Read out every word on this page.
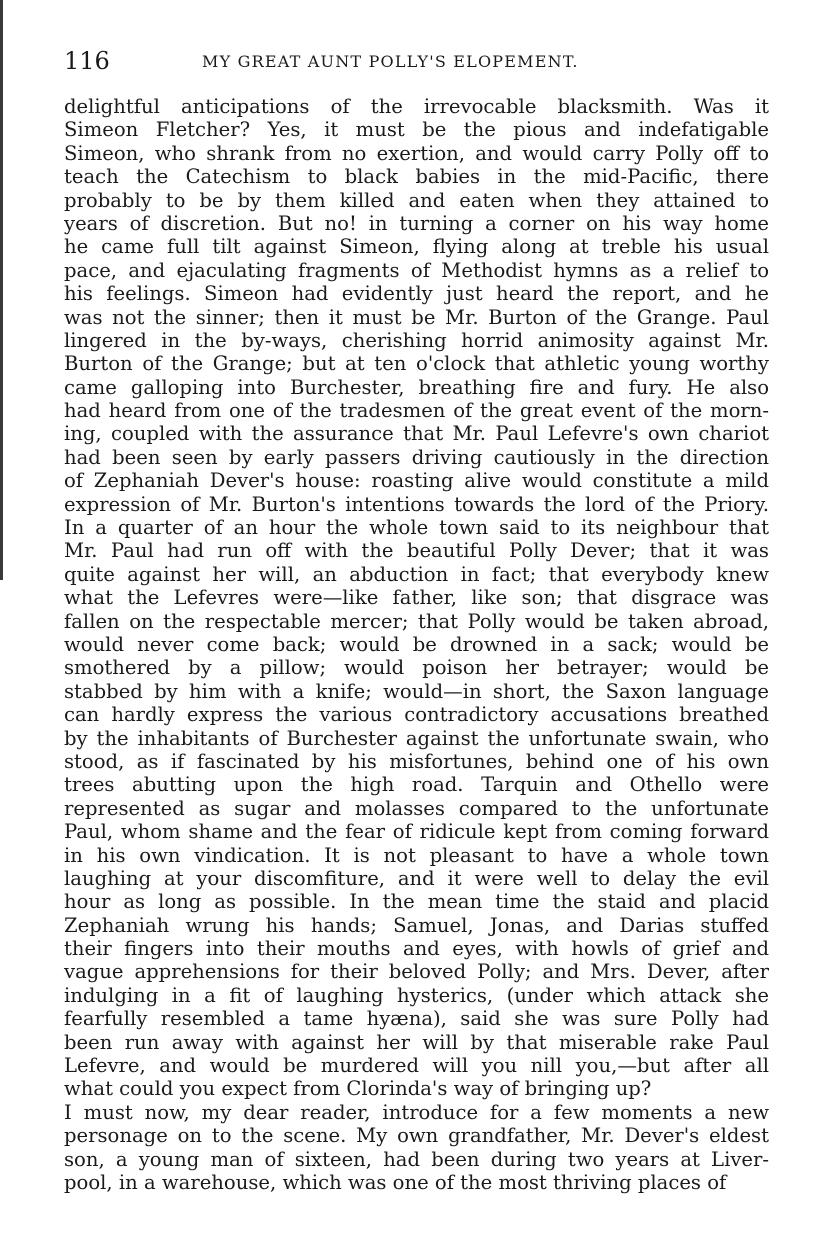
116	MY GREAT AUNT POLLY'S ELOPEMENT.
delightful anticipations of the irrevocable blacksmith. Was it
Simeon Fletcher? Yes, it must be the pious and indefatigable
Simeon, who shrank from no exertion, and would carry Polly off to
teach the Catechism to black babies in the mid-Pacific, there
probably to be by them killed and eaten when they attained to
years of discretion. But no! in turning a corner on his way home
he came full tilt against Simeon, flying along at treble his usual
pace, and ejaculating fragments of Methodist hymns as a relief to
his feelings. Simeon had evidently just heard the report, and he
was not the sinner; then it must be Mr. Burton of the Grange. Paul
lingered in the by-ways, cherishing horrid animosity against Mr.
Burton of the Grange; but at ten o'clock that athletic young worthy
came galloping into Burchester, breathing fire and fury. He also
had heard from one of the tradesmen of the great event of the morn-
ing, coupled with the assurance that Mr. Paul Lefevre's own chariot
had been seen by early passers driving cautiously in the direction
of Zephaniah Dever's house: roasting alive would constitute a mild
expression of Mr. Burton's intentions towards the lord of the Priory.
In a quarter of an hour the whole town said to its neighbour that
Mr. Paul had run off with the beautiful Polly Dever; that it was
quite against her will, an abduction in fact; that everybody knew
what the Lefevres were—like father, like son; that disgrace was
fallen on the respectable mercer; that Polly would be taken abroad,
would never come back; would be drowned in a sack; would be
smothered by a pillow; would poison her betrayer; would be
stabbed by him with a knife; would—in short, the Saxon language
can hardly express the various contradictory accusations breathed
by the inhabitants of Burchester against the unfortunate swain, who
stood, as if fascinated by his misfortunes, behind one of his own
trees abutting upon the high road. Tarquin and Othello were
represented as sugar and molasses compared to the unfortunate
Paul, whom shame and the fear of ridicule kept from coming forward
in his own vindication. It is not pleasant to have a whole town
laughing at your discomfiture, and it were well to delay the evil
hour as long as possible. In the mean time the staid and placid
Zephaniah wrung his hands; Samuel, Jonas, and Darias stuffed
their fingers into their mouths and eyes, with howls of grief and
vague apprehensions for their beloved Polly; and Mrs. Dever, after
indulging in a fit of laughing hysterics, (under which attack she
fearfully resembled a tame hyæna), said she was sure Polly had
been run away with against her will by that miserable rake Paul
Lefevre, and would be murdered will you nill you,—but after all
what could you expect from Clorinda's way of bringing up?
I must now, my dear reader, introduce for a few moments a new
personage on to the scene. My own grandfather, Mr. Dever's eldest
son, a young man of sixteen, had been during two years at Liver-
pool, in a warehouse, which was one of the most thriving places of
